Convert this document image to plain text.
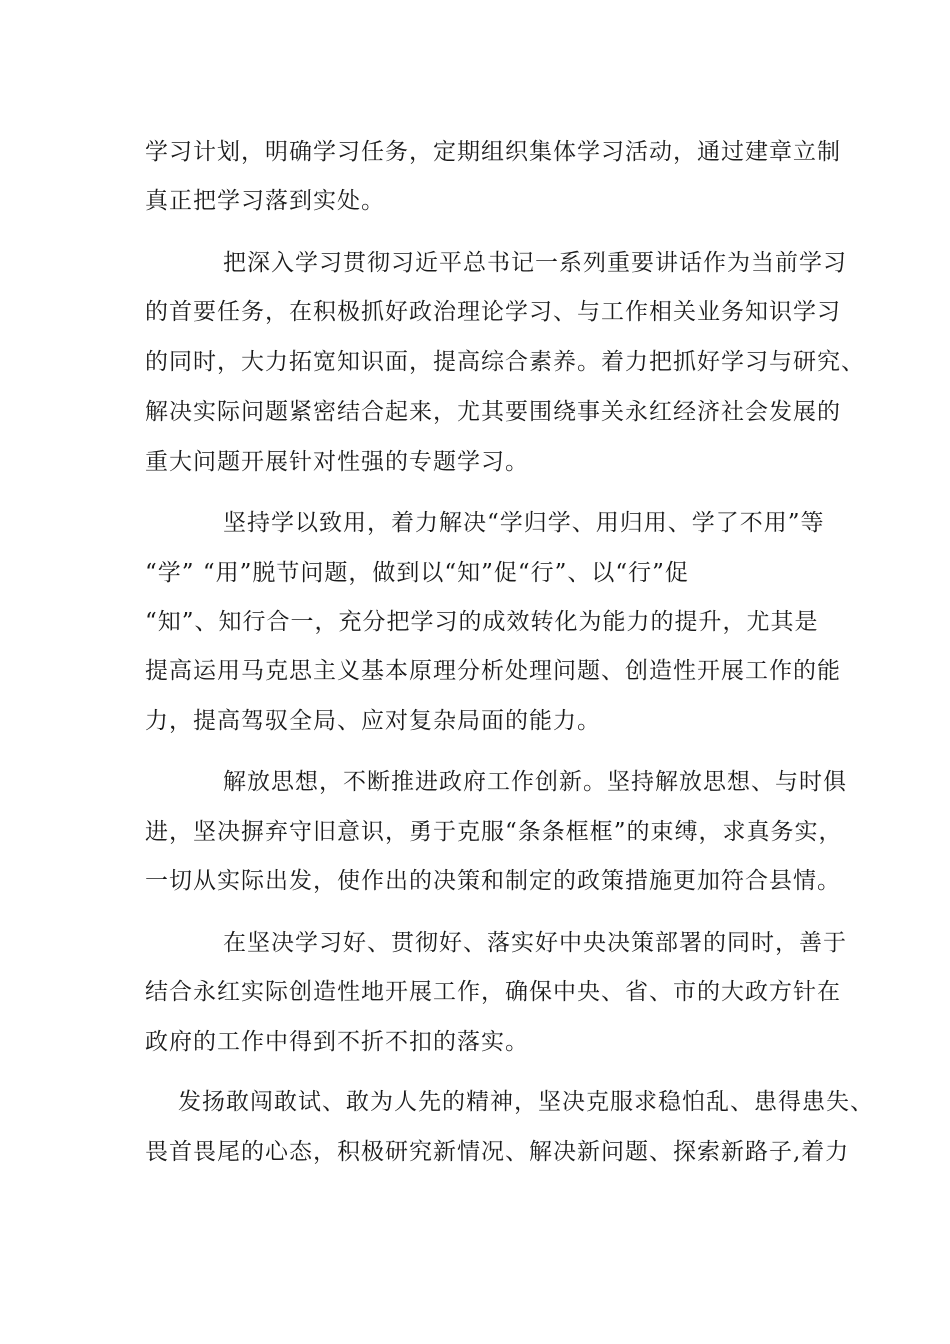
学习计划，明确学习任务，定期组织集体学习活动，通过建章立制

真正把学习落到实处。

把深入学习贯彻习近平总书记一系列重要讲话作为当前学习

的首要任务，在积极抓好政治理论学习、与工作相关业务知识学习

的同时，大力拓宽知识面，提高综合素养。着力把抓好学习与研究、

解决实际问题紧密结合起来，尤其要围绕事关永红经济社会发展的

重大问题开展针对性强的专题学习。

坚持学以致用，着力解决“学归学、用归用、学了不用”等

“学” “用”脱节问题，做到以“知”促“行”、以“行”促

“知”、知行合一，充分把学习的成效转化为能力的提升，尤其是

提高运用马克思主义基本原理分析处理问题、创造性开展工作的能

力，提高驾驭全局、应对复杂局面的能力。

解放思想，不断推进政府工作创新。坚持解放思想、与时俱

进，坚决摒弃守旧意识，勇于克服“条条框框”的束缚，求真务实，

一切从实际出发，使作出的决策和制定的政策措施更加符合县情。

在坚决学习好、贯彻好、落实好中央决策部署的同时，善于

结合永红实际创造性地开展工作，确保中央、省、市的大政方针在

政府的工作中得到不折不扣的落实。

发扬敢闯敢试、敢为人先的精神，坚决克服求稳怕乱、患得患失、

畏首畏尾的心态，积极研究新情况、解决新问题、探索新路子,着力
